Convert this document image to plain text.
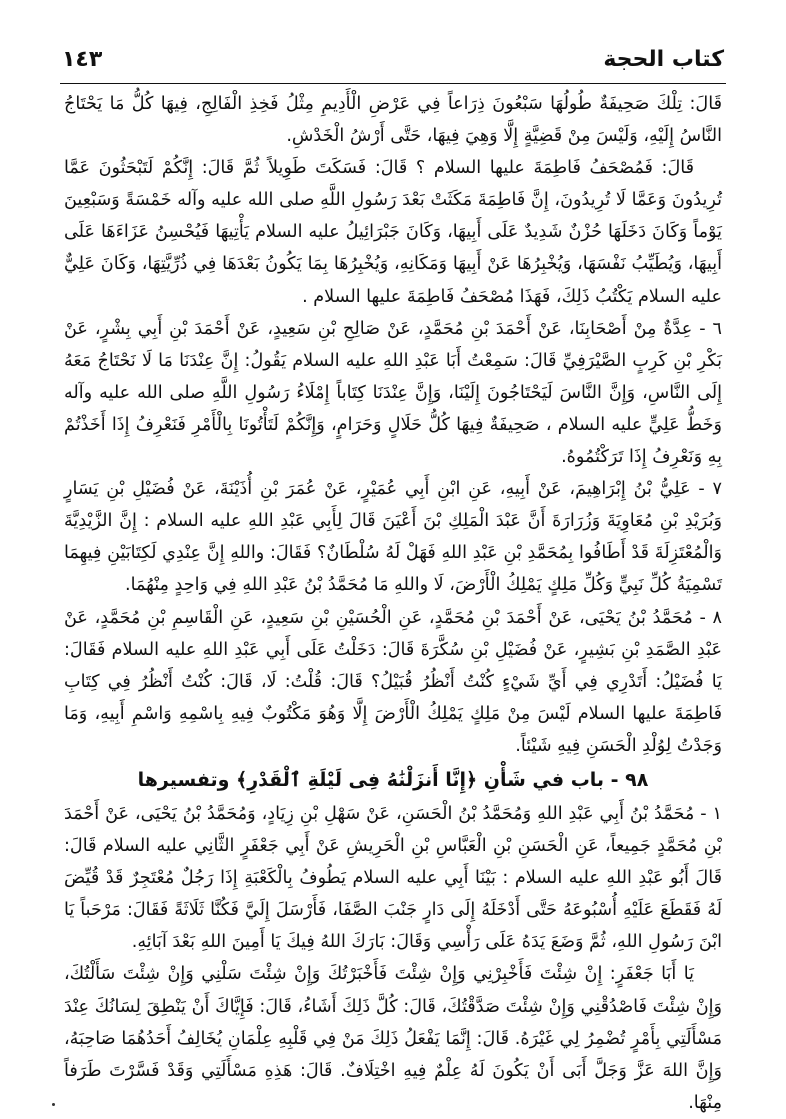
كتاب الحجة
١٤٣

قَالَ: تِلْكَ صَحِيفَةٌ طُولُهَا سَبْعُونَ ذِرَاعاً فِي عَرْضِ الْأَدِيمِ مِثْلُ فَخِذِ الْفَالِجِ، فِيهَا كُلُّ مَا يَحْتَاجُ النَّاسُ إِلَيْهِ، وَلَيْسَ مِنْ قَضِيَّةٍ إِلَّا وَهِيَ فِيهَا، حَتَّى أَرْشُ الْخَدْشِ.

قَالَ: فَمُصْحَفُ فَاطِمَةَ عليها السلام ؟ قَالَ: فَسَكَتَ طَوِيلاً ثُمَّ قَالَ: إِنَّكُمْ لَتَبْحَثُونَ عَمَّا تُرِيدُونَ وَعَمَّا لَا تُرِيدُونَ، إِنَّ فَاطِمَةَ مَكَثَتْ بَعْدَ رَسُولِ اللَّهِ صلى الله عليه وآله خَمْسَةً وَسَبْعِينَ يَوْماً وَكَانَ دَخَلَهَا حُزْنٌ شَدِيدٌ عَلَى أَبِيهَا، وَكَانَ جَبْرَائِيلُ عليه السلام يَأْتِيهَا فَيُحْسِنُ عَزَاءَهَا عَلَى أَبِيهَا، وَيُطَيِّبُ نَفْسَهَا، وَيُخْبِرُهَا عَنْ أَبِيهَا وَمَكَانِهِ، وَيُخْبِرُهَا بِمَا يَكُونُ بَعْدَهَا فِي ذُرِّيَّتِهَا، وَكَانَ عَلِيٌّ عليه السلام يَكْتُبُ ذَلِكَ، فَهَذَا مُصْحَفُ فَاطِمَةَ عليها السلام .

٦ - عِدَّةٌ مِنْ أَصْحَابِنَا، عَنْ أَحْمَدَ بْنِ مُحَمَّدٍ، عَنْ صَالِحِ بْنِ سَعِيدٍ، عَنْ أَحْمَدَ بْنِ أَبِي بِشْرٍ، عَنْ بَكْرِ بْنِ كَرِبٍ الصَّيْرَفِيِّ قَالَ: سَمِعْتُ أَبَا عَبْدِ اللهِ عليه السلام يَقُولُ: إِنَّ عِنْدَنَا مَا لَا نَحْتَاجُ مَعَهُ إِلَى النَّاسِ، وَإِنَّ النَّاسَ لَيَحْتَاجُونَ إِلَيْنَا، وَإِنَّ عِنْدَنَا كِتَاباً إِمْلَاءُ رَسُولِ اللَّهِ صلى الله عليه وآله وَخَطُّ عَلِيٍّ عليه السلام ، صَحِيفَةٌ فِيهَا كُلُّ حَلَالٍ وَحَرَامٍ، وَإِنَّكُمْ لَتَأْتُونَا بِالْأَمْرِ فَنَعْرِفُ إِذَا أَخَذْتُمْ بِهِ وَنَعْرِفُ إِذَا تَرَكْتُمُوهُ.

٧ - عَلِيُّ بْنُ إِبْرَاهِيمَ، عَنْ أَبِيهِ، عَنِ ابْنِ أَبِي عُمَيْرٍ، عَنْ عُمَرَ بْنِ أُذَيْنَةَ، عَنْ فُضَيْلِ بْنِ يَسَارٍ وَبُرَيْدِ بْنِ مُعَاوِيَةَ وَزُرَارَةَ أَنَّ عَبْدَ الْمَلِكِ بْنَ أَعْيَنَ قَالَ لِأَبِي عَبْدِ اللهِ عليه السلام : إِنَّ الزَّيْدِيَّةَ وَالْمُعْتَزِلَةَ قَدْ أَطَافُوا بِمُحَمَّدِ بْنِ عَبْدِ اللهِ فَهَلْ لَهُ سُلْطَانٌ؟ فَقَالَ: واللهِ إِنَّ عِنْدِي لَكِتَابَيْنِ فِيهِمَا تَسْمِيَةُ كُلِّ نَبِيٍّ وَكُلِّ مَلِكٍ يَمْلِكُ الْأَرْضَ، لَا واللهِ مَا مُحَمَّدُ بْنُ عَبْدِ اللهِ فِي وَاحِدٍ مِنْهُمَا.

٨ - مُحَمَّدُ بْنُ يَحْيَى، عَنْ أَحْمَدَ بْنِ مُحَمَّدٍ، عَنِ الْحُسَيْنِ بْنِ سَعِيدٍ، عَنِ الْقَاسِمِ بْنِ مُحَمَّدٍ، عَنْ عَبْدِ الصَّمَدِ بْنِ بَشِيرٍ، عَنْ فُضَيْلِ بْنِ سُكَّرَةَ قَالَ: دَخَلْتُ عَلَى أَبِي عَبْدِ اللهِ عليه السلام فَقَالَ: يَا فُضَيْلُ: أَتَدْرِي فِي أَيِّ شَيْءٍ كُنْتُ أَنْظُرُ قُبَيْلُ؟ قَالَ: قُلْتُ: لَا، قَالَ: كُنْتُ أَنْظُرُ فِي كِتَابِ فَاطِمَةَ عليها السلام لَيْسَ مِنْ مَلِكٍ يَمْلِكُ الْأَرْضَ إِلَّا وَهُوَ مَكْتُوبٌ فِيهِ بِاسْمِهِ وَاسْمِ أَبِيهِ، وَمَا وَجَدْتُ لِوُلْدِ الْحَسَنِ فِيهِ شَيْئاً.

٩٨ - باب في شَأْنِ ﴿إِنَّا أَنزَلْنَٰهُ فِى لَيْلَةِ ٱلْقَدْرِ﴾ وتفسيرها

١ - مُحَمَّدُ بْنُ أَبِي عَبْدِ اللهِ وَمُحَمَّدُ بْنُ الْحَسَنِ، عَنْ سَهْلِ بْنِ زِيَادٍ، وَمُحَمَّدُ بْنُ يَحْيَى، عَنْ أَحْمَدَ بْنِ مُحَمَّدٍ جَمِيعاً، عَنِ الْحَسَنِ بْنِ الْعَبَّاسِ بْنِ الْحَرِيشِ عَنْ أَبِي جَعْفَرٍ الثَّانِي عليه السلام قَالَ: قَالَ أَبُو عَبْدِ اللهِ عليه السلام : بَيْنَا أَبِي عليه السلام يَطُوفُ بِالْكَعْبَةِ إِذَا رَجُلٌ مُعْتَجِرٌ قَدْ قُيِّضَ لَهُ فَقَطَعَ عَلَيْهِ أُسْبُوعَهُ حَتَّى أَدْخَلَهُ إِلَى دَارٍ جَنْبَ الصَّفَا، فَأَرْسَلَ إِلَيَّ فَكُنَّا ثَلَاثَةً فَقَالَ: مَرْحَباً يَا ابْنَ رَسُولِ اللهِ، ثُمَّ وَضَعَ يَدَهُ عَلَى رَأْسِي وَقَالَ: بَارَكَ اللهُ فِيكَ يَا أَمِينَ اللهِ بَعْدَ آبَائِهِ.

يَا أَبَا جَعْفَرٍ: إِنْ شِئْتَ فَأَخْبِرْنِي وَإِنْ شِئْتَ فَأَخْبَرْتُكَ وَإِنْ شِئْتَ سَلْنِي وَإِنْ شِئْتَ سَأَلْتُكَ، وَإِنْ شِئْتَ فَاصْدُقْنِي وَإِنْ شِئْتَ صَدَّقْتُكَ، قَالَ: كُلَّ ذَلِكَ أَشَاءُ، قَالَ: فَإِيَّاكَ أَنْ يَنْطِقَ لِسَانُكَ عِنْدَ مَسْأَلَتِي بِأَمْرٍ تُضْمِرُ لِي غَيْرَهُ. قَالَ: إِنَّمَا يَفْعَلُ ذَلِكَ مَنْ فِي قَلْبِهِ عِلْمَانِ يُخَالِفُ أَحَدُهُمَا صَاحِبَهُ، وَإِنَّ اللهَ عَزَّ وَجَلَّ أَبَى أَنْ يَكُونَ لَهُ عِلْمٌ فِيهِ اخْتِلَافٌ. قَالَ: هَذِهِ مَسْأَلَتِي وَقَدْ فَسَّرْتَ طَرَفاً مِنْهَا.
